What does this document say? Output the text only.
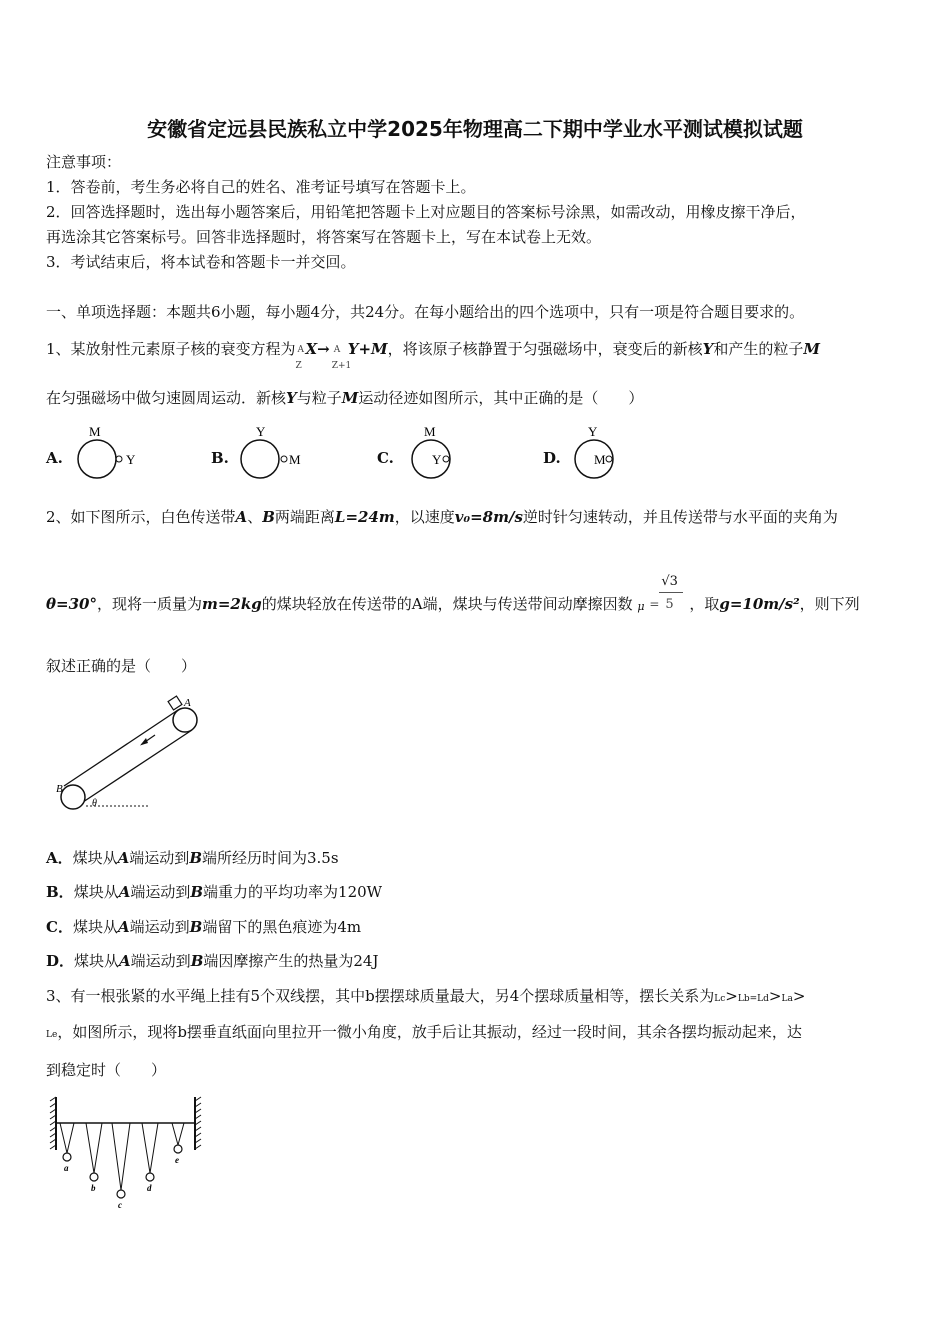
安徽省定远县民族私立中学2025年物理高二下期中学业水平测试模拟试题
注意事项：
1．答卷前，考生务必将自己的姓名、准考证号填写在答题卡上。
2．回答选择题时，选出每小题答案后，用铅笔把答题卡上对应题目的答案标号涂黑，如需改动，用橡皮擦干净后，
再选涂其它答案标号。回答非选择题时，将答案写在答题卡上，写在本试卷上无效。
3．考试结束后，将本试卷和答题卡一并交回。
一、单项选择题：本题共6小题，每小题4分，共24分。在每小题给出的四个选项中，只有一项是符合题目要求的。
1、某放射性元素原子核的衰变方程为 A
Z
X→ A
Z+1
Y+M，将该原子核静置于匀强磁场中，衰变后的新核Y和产生的粒子M
在匀强磁场中做匀速圆周运动．新核Y与粒子M运动径迹如图所示，其中正确的是（　　）
A.
M
Y	B.
Y
M	C.
M
Y	D.
Y
M
2、如下图所示，白色传送带A、B两端距离L=24m，以速度v₀=8m/s逆时针匀速转动，并且传送带与水平面的夹角为
θ=30°，现将一质量为m=2kg的煤块轻放在传送带的A端，煤块与传送带间动摩擦因数 μ =
√3
5 ，取g=10m/s²，则下列
叙述正确的是（　　）
A
B
θ
A．煤块从A端运动到B端所经历时间为3.5s
B．煤块从A端运动到B端重力的平均功率为120W
C．煤块从A端运动到B端留下的黑色痕迹为4m
D．煤块从A端运动到B端因摩擦产生的热量为24J
3、有一根张紧的水平绳上挂有5个双线摆，其中b摆摆球质量最大，另4个摆球质量相等，摆长关系为Lc>Lb=Ld>La>
Le，如图所示，现将b摆垂直纸面向里拉开一微小角度，放手后让其振动，经过一段时间，其余各摆均振动起来，达
到稳定时（　　）
a
b
c
d
e
